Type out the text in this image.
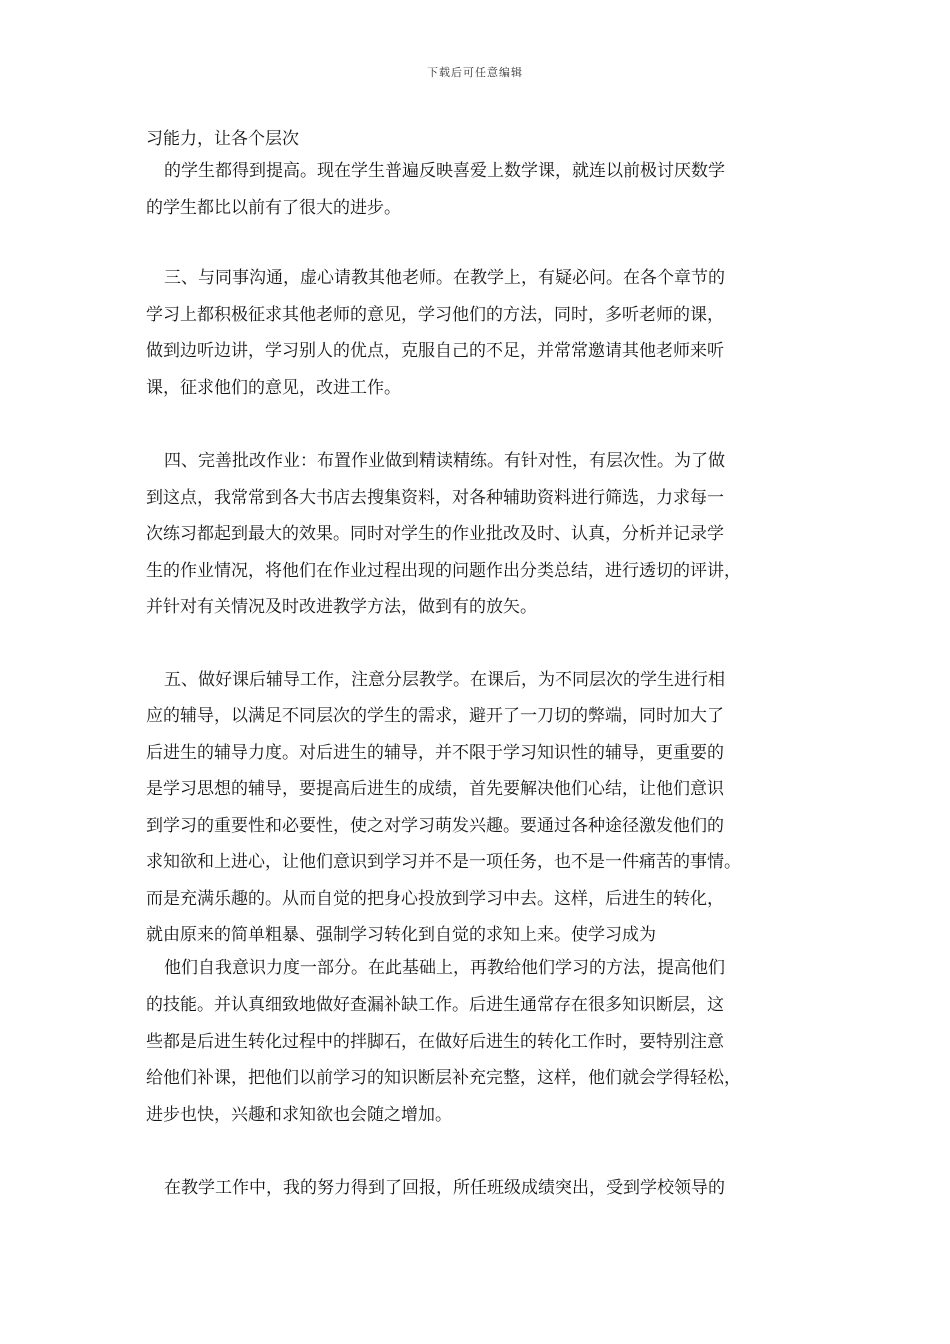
下载后可任意编辑
习能力，让各个层次
的学生都得到提高。现在学生普遍反映喜爱上数学课，就连以前极讨厌数学
的学生都比以前有了很大的进步。
三、与同事沟通，虚心请教其他老师。在教学上，有疑必问。在各个章节的
学习上都积极征求其他老师的意见，学习他们的方法，同时，多听老师的课，
做到边听边讲，学习别人的优点，克服自己的不足，并常常邀请其他老师来听
课，征求他们的意见，改进工作。
四、完善批改作业：布置作业做到精读精练。有针对性，有层次性。为了做
到这点，我常常到各大书店去搜集资料，对各种辅助资料进行筛选，力求每一
次练习都起到最大的效果。同时对学生的作业批改及时、认真，分析并记录学
生的作业情况，将他们在作业过程出现的问题作出分类总结，进行透切的评讲，
并针对有关情况及时改进教学方法，做到有的放矢。
五、做好课后辅导工作，注意分层教学。在课后，为不同层次的学生进行相
应的辅导，以满足不同层次的学生的需求，避开了一刀切的弊端，同时加大了
后进生的辅导力度。对后进生的辅导，并不限于学习知识性的辅导，更重要的
是学习思想的辅导，要提高后进生的成绩，首先要解决他们心结，让他们意识
到学习的重要性和必要性，使之对学习萌发兴趣。要通过各种途径激发他们的
求知欲和上进心，让他们意识到学习并不是一项任务，也不是一件痛苦的事情。
而是充满乐趣的。从而自觉的把身心投放到学习中去。这样，后进生的转化，
就由原来的简单粗暴、强制学习转化到自觉的求知上来。使学习成为
他们自我意识力度一部分。在此基础上，再教给他们学习的方法，提高他们
的技能。并认真细致地做好查漏补缺工作。后进生通常存在很多知识断层，这
些都是后进生转化过程中的拌脚石，在做好后进生的转化工作时，要特别注意
给他们补课，把他们以前学习的知识断层补充完整，这样，他们就会学得轻松，
进步也快，兴趣和求知欲也会随之增加。
在教学工作中，我的努力得到了回报，所任班级成绩突出，受到学校领导的
